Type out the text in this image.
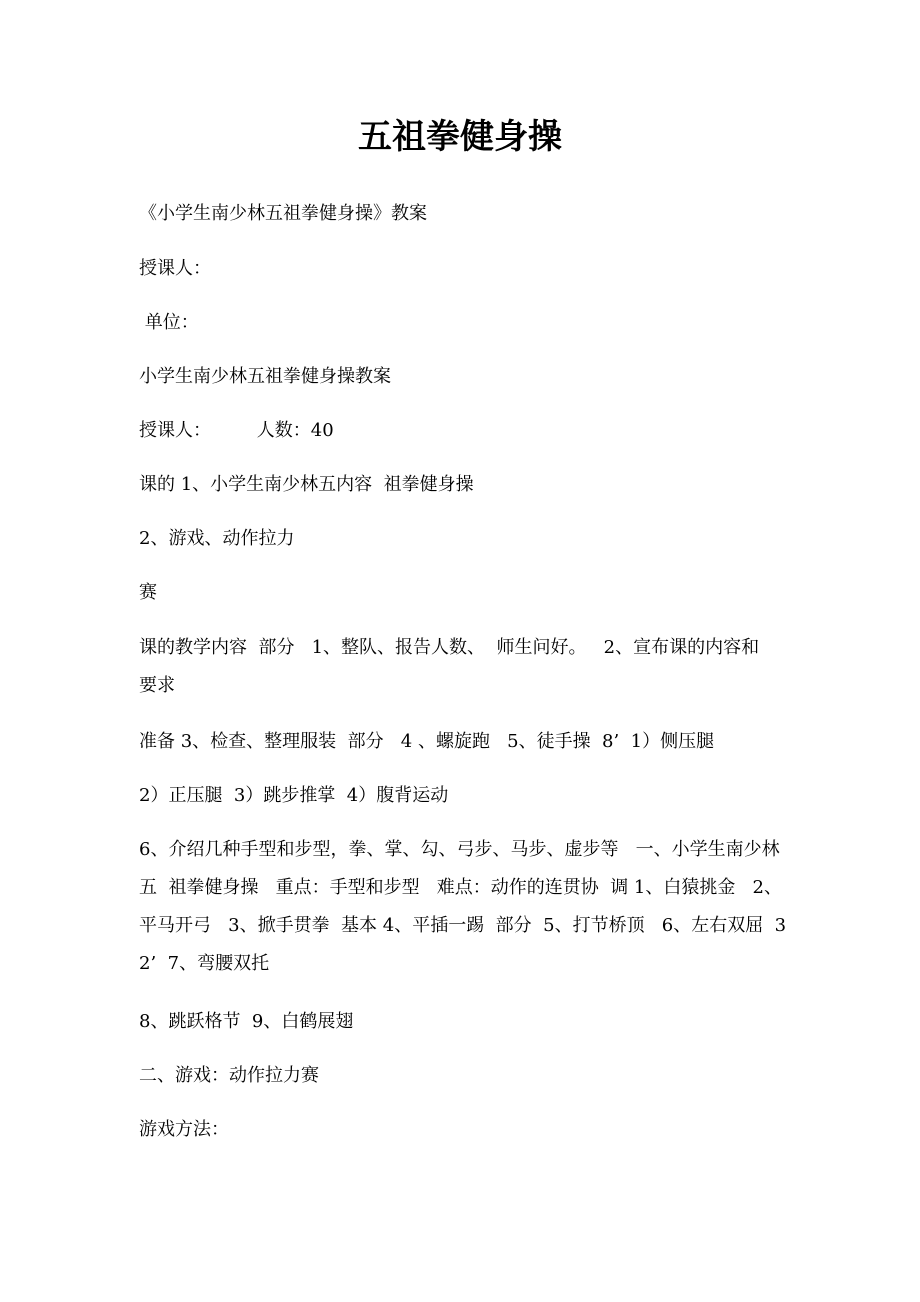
五祖拳健身操

《小学生南少林五祖拳健身操》教案

授课人：

单位：

小学生南少林五祖拳健身操教案

授课人：        人数：40

课的 1、小学生南少林五内容  祖拳健身操

2、游戏、动作拉力

赛

课的教学内容  部分   1、整队、报告人数、  师生问好。   2、宣布课的内容和  要求

准备 3、检查、整理服装  部分   4 、螺旋跑   5、徒手操  8’  1）侧压腿

2）正压腿  3）跳步推掌  4）腹背运动

6、介绍几种手型和步型，拳、掌、勾、弓步、马步、虚步等   一、小学生南少林五  祖拳健身操   重点：手型和步型   难点：动作的连贯协  调 1、白猿挑金   2、平马开弓   3、掀手贯拳  基本 4、平插一踢  部分  5、打节桥顶   6、左右双屈  32’  7、弯腰双托

8、跳跃格节  9、白鹤展翅

二、游戏：动作拉力赛

游戏方法：
